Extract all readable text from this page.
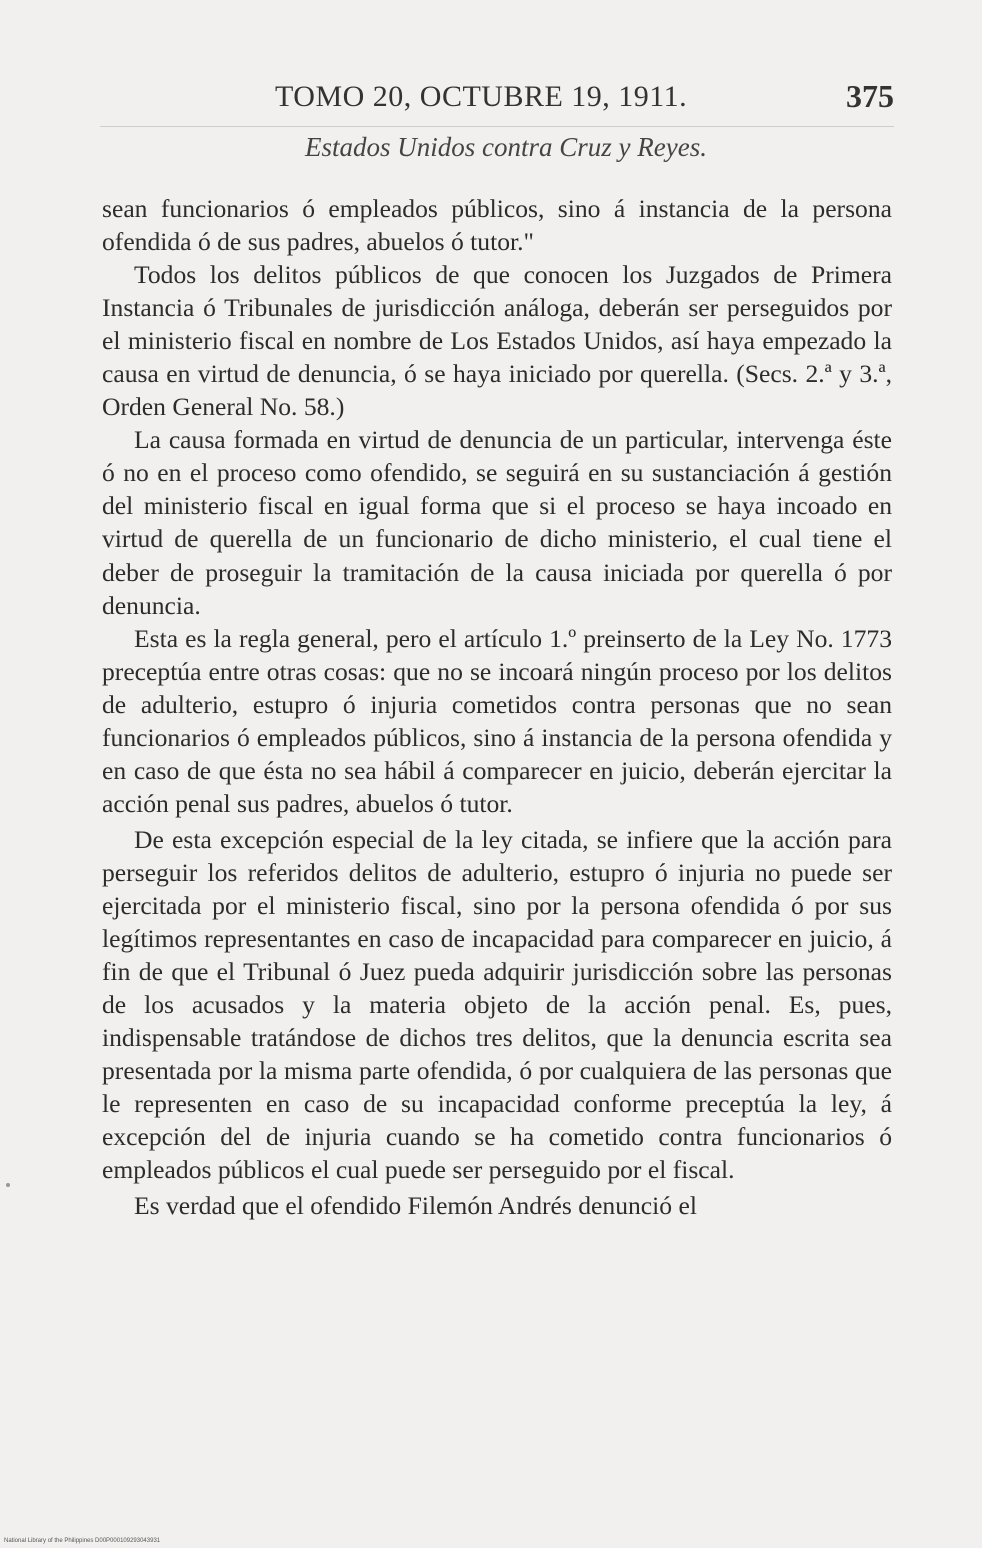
TOMO 20, OCTUBRE 19, 1911.	375
Estados Unidos contra Cruz y Reyes.

sean funcionarios ó empleados públicos, sino á instancia de la persona ofendida ó de sus padres, abuelos ó tutor."

Todos los delitos públicos de que conocen los Juzgados de Primera Instancia ó Tribunales de jurisdicción análoga, deberán ser perseguidos por el ministerio fiscal en nombre de Los Estados Unidos, así haya empezado la causa en virtud de denuncia, ó se haya iniciado por querella. (Secs. 2.ª y 3.ª, Orden General No. 58.)

La causa formada en virtud de denuncia de un particular, intervenga éste ó no en el proceso como ofendido, se seguirá en su sustanciación á gestión del ministerio fiscal en igual forma que si el proceso se haya incoado en virtud de querella de un funcionario de dicho ministerio, el cual tiene el deber de proseguir la tramitación de la causa iniciada por querella ó por denuncia.

Esta es la regla general, pero el artículo 1.º preinserto de la Ley No. 1773 preceptúa entre otras cosas: que no se incoará ningún proceso por los delitos de adulterio, estupro ó injuria cometidos contra personas que no sean funcionarios ó empleados públicos, sino á instancia de la persona ofendida y en caso de que ésta no sea hábil á comparecer en juicio, deberán ejercitar la acción penal sus padres, abuelos ó tutor.

De esta excepción especial de la ley citada, se infiere que la acción para perseguir los referidos delitos de adulterio, estupro ó injuria no puede ser ejercitada por el ministerio fiscal, sino por la persona ofendida ó por sus legítimos representantes en caso de incapacidad para comparecer en juicio, á fin de que el Tribunal ó Juez pueda adquirir jurisdicción sobre las personas de los acusados y la materia objeto de la acción penal. Es, pues, indispensable tratándose de dichos tres delitos, que la denuncia escrita sea presentada por la misma parte ofendida, ó por cualquiera de las personas que le representen en caso de su incapacidad conforme preceptúa la ley, á excepción del de injuria cuando se ha cometido contra funcionarios ó empleados públicos el cual puede ser perseguido por el fiscal.

Es verdad que el ofendido Filemón Andrés denunció el

National Library of the Philippines D00P000109293043931
